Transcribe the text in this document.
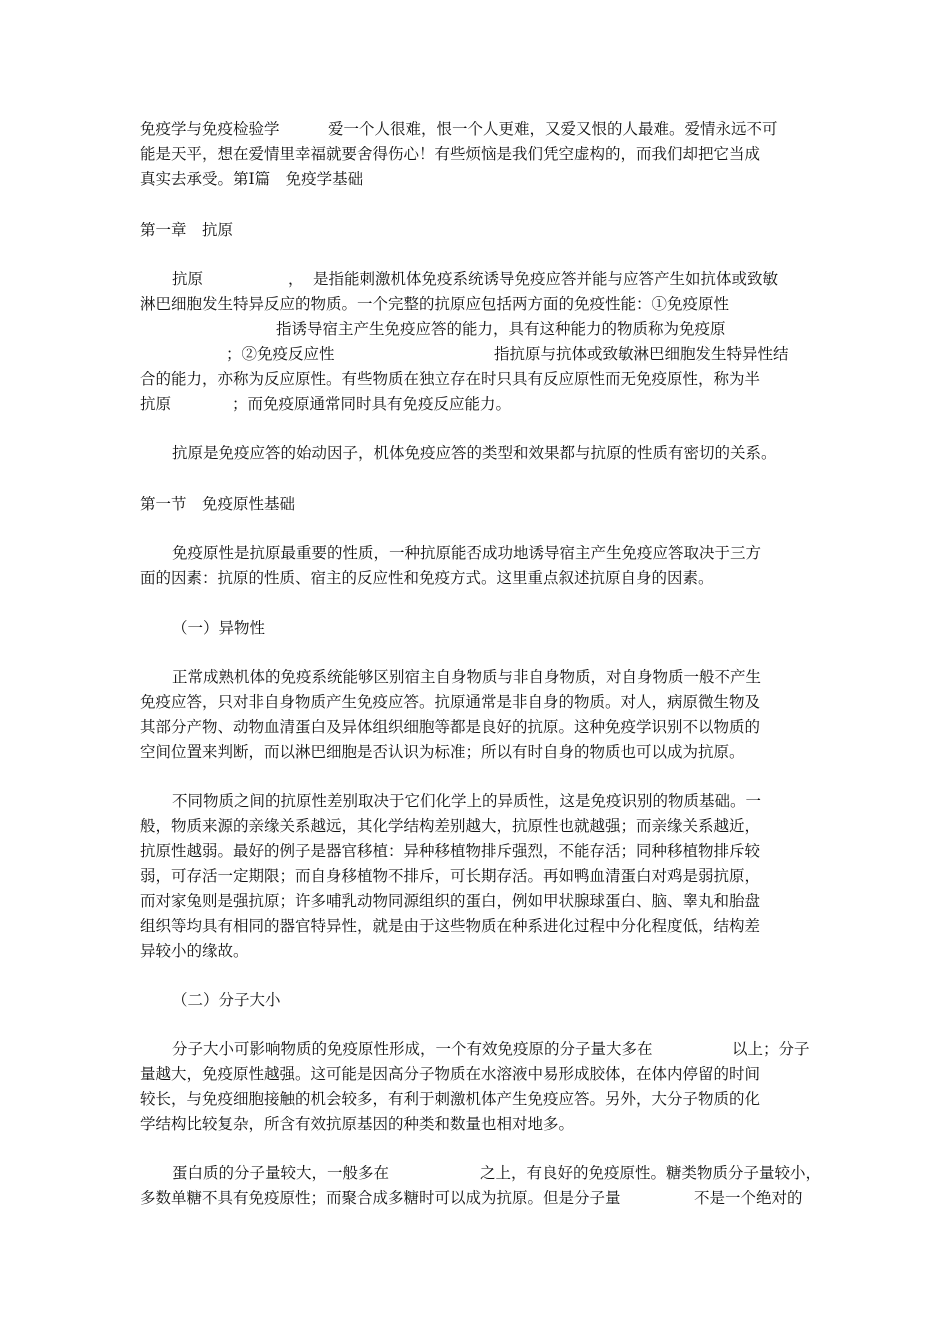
免疫学与免疫检验学	爱一个人很难，恨一个人更难，又爱又恨的人最难。爱情永远不可
能是天平，想在爱情里幸福就要舍得伤心！有些烦恼是我们凭空虚构的，而我们却把它当成
真实去承受。第Ⅰ篇　免疫学基础
第一章　抗原
抗原	， 是指能刺激机体免疫系统诱导免疫应答并能与应答产生如抗体或致敏
淋巴细胞发生特异反应的物质。一个完整的抗原应包括两方面的免疫性能：①免疫原性
指诱导宿主产生免疫应答的能力，具有这种能力的物质称为免疫原
；②免疫反应性	指抗原与抗体或致敏淋巴细胞发生特异性结
合的能力，亦称为反应原性。有些物质在独立存在时只具有反应原性而无免疫原性，称为半
抗原	；而免疫原通常同时具有免疫反应能力。
抗原是免疫应答的始动因子，机体免疫应答的类型和效果都与抗原的性质有密切的关系。
第一节　免疫原性基础
免疫原性是抗原最重要的性质，一种抗原能否成功地诱导宿主产生免疫应答取决于三方
面的因素：抗原的性质、宿主的反应性和免疫方式。这里重点叙述抗原自身的因素。
（一）异物性
正常成熟机体的免疫系统能够区别宿主自身物质与非自身物质，对自身物质一般不产生
免疫应答，只对非自身物质产生免疫应答。抗原通常是非自身的物质。对人，病原微生物及
其部分产物、动物血清蛋白及异体组织细胞等都是良好的抗原。这种免疫学识别不以物质的
空间位置来判断，而以淋巴细胞是否认识为标准；所以有时自身的物质也可以成为抗原。
不同物质之间的抗原性差别取决于它们化学上的异质性，这是免疫识别的物质基础。一
般，物质来源的亲缘关系越远，其化学结构差别越大，抗原性也就越强；而亲缘关系越近，
抗原性越弱。最好的例子是器官移植：异种移植物排斥强烈，不能存活；同种移植物排斥较
弱，可存活一定期限；而自身移植物不排斥，可长期存活。再如鸭血清蛋白对鸡是弱抗原，
而对家兔则是强抗原；许多哺乳动物同源组织的蛋白，例如甲状腺球蛋白、脑、睾丸和胎盘
组织等均具有相同的器官特异性，就是由于这些物质在种系进化过程中分化程度低，结构差
异较小的缘故。
（二）分子大小
分子大小可影响物质的免疫原性形成，一个有效免疫原的分子量大多在	以上；分子
量越大，免疫原性越强。这可能是因高分子物质在水溶液中易形成胶体，在体内停留的时间
较长，与免疫细胞接触的机会较多，有利于刺激机体产生免疫应答。另外，大分子物质的化
学结构比较复杂，所含有效抗原基因的种类和数量也相对地多。
蛋白质的分子量较大，一般多在	之上，有良好的免疫原性。糖类物质分子量较小，
多数单糖不具有免疫原性；而聚合成多糖时可以成为抗原。但是分子量	不是一个绝对的
